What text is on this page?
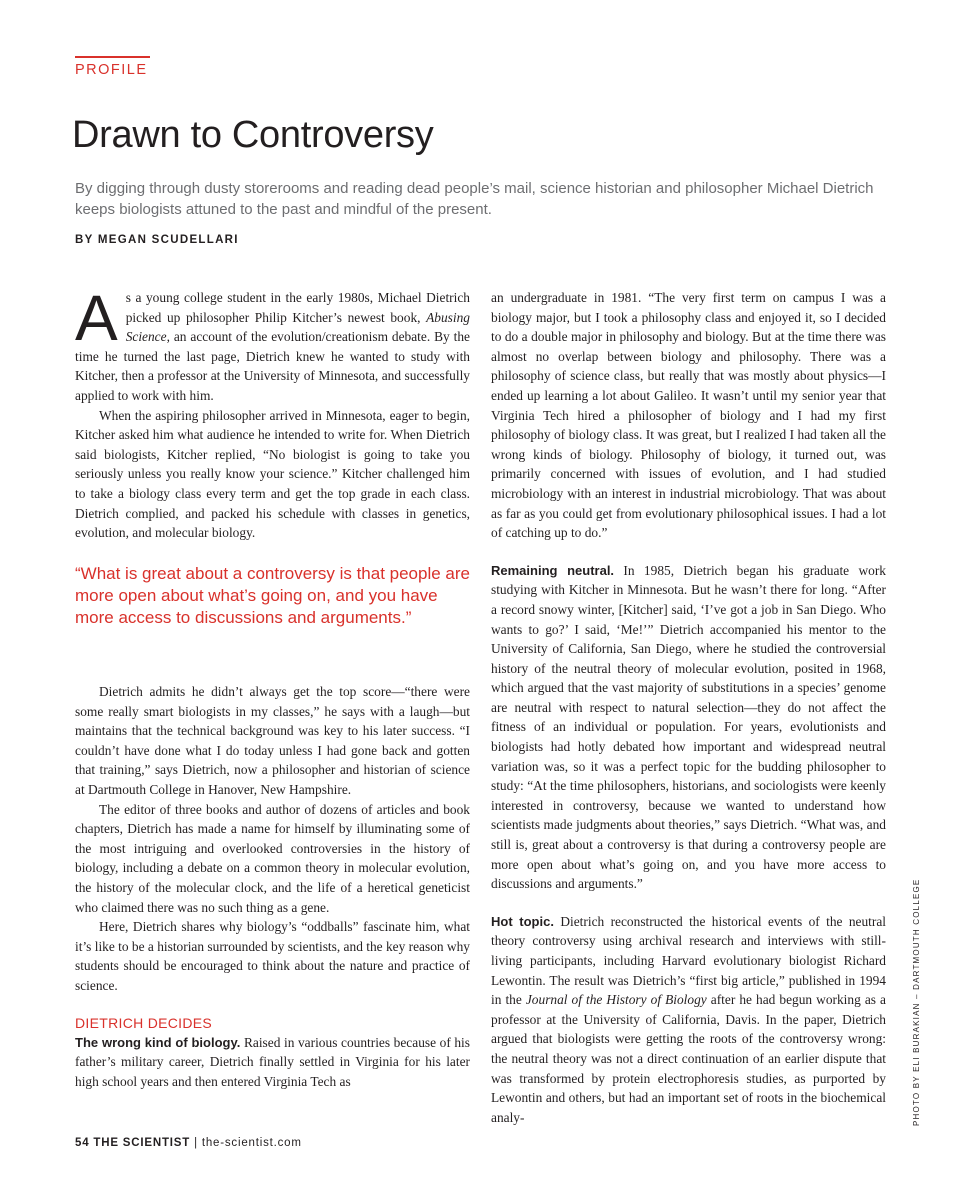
PROFILE
Drawn to Controversy
By digging through dusty storerooms and reading dead people’s mail, science historian and philosopher Michael Dietrich keeps biologists attuned to the past and mindful of the present.
BY MEGAN SCUDELLARI

As a young college student in the early 1980s, Michael Dietrich picked up philosopher Philip Kitcher’s newest book, Abusing Science, an account of the evolution/creationism debate. By the time he turned the last page, Dietrich knew he wanted to study with Kitcher, then a professor at the University of Minnesota, and successfully applied to work with him.

When the aspiring philosopher arrived in Minnesota, eager to begin, Kitcher asked him what audience he intended to write for. When Dietrich said biologists, Kitcher replied, “No biologist is going to take you seriously unless you really know your science.” Kitcher challenged him to take a biology class every term and get the top grade in each class. Dietrich complied, and packed his schedule with classes in genetics, evolution, and molecular biology.

“What is great about a controversy is that people are more open about what’s going on, and you have more access to discussions and arguments.”

Dietrich admits he didn’t always get the top score—“there were some really smart biologists in my classes,” he says with a laugh—but maintains that the technical background was key to his later success. “I couldn’t have done what I do today unless I had gone back and gotten that training,” says Dietrich, now a philosopher and historian of science at Dartmouth College in Hanover, New Hampshire.

The editor of three books and author of dozens of articles and book chapters, Dietrich has made a name for himself by illuminating some of the most intriguing and overlooked controversies in the history of biology, including a debate on a common theory in molecular evolution, the history of the molecular clock, and the life of a heretical geneticist who claimed there was no such thing as a gene.

Here, Dietrich shares why biology’s “oddballs” fascinate him, what it’s like to be a historian surrounded by scientists, and the key reason why students should be encouraged to think about the nature and practice of science.

DIETRICH DECIDES

The wrong kind of biology. Raised in various countries because of his father’s military career, Dietrich finally settled in Virginia for his later high school years and then entered Virginia Tech as

an undergraduate in 1981. “The very first term on campus I was a biology major, but I took a philosophy class and enjoyed it, so I decided to do a double major in philosophy and biology. But at the time there was almost no overlap between biology and philosophy. There was a philosophy of science class, but really that was mostly about physics—I ended up learning a lot about Galileo. It wasn’t until my senior year that Virginia Tech hired a philosopher of biology and I had my first philosophy of biology class. It was great, but I realized I had taken all the wrong kinds of biology. Philosophy of biology, it turned out, was primarily concerned with issues of evolution, and I had studied microbiology with an interest in industrial microbiology. That was about as far as you could get from evolutionary philosophical issues. I had a lot of catching up to do.”

Remaining neutral. In 1985, Dietrich began his graduate work studying with Kitcher in Minnesota. But he wasn’t there for long. “After a record snowy winter, [Kitcher] said, ‘I’ve got a job in San Diego. Who wants to go?’ I said, ‘Me!’” Dietrich accompanied his mentor to the University of California, San Diego, where he studied the controversial history of the neutral theory of molecular evolution, posited in 1968, which argued that the vast majority of substitutions in a species’ genome are neutral with respect to natural selection—they do not affect the fitness of an individual or population. For years, evolutionists and biologists had hotly debated how important and widespread neutral variation was, so it was a perfect topic for the budding philosopher to study: “At the time philosophers, historians, and sociologists were keenly interested in controversy, because we wanted to understand how scientists made judgments about theories,” says Dietrich. “What was, and still is, great about a controversy is that during a controversy people are more open about what’s going on, and you have more access to discussions and arguments.”

Hot topic. Dietrich reconstructed the historical events of the neutral theory controversy using archival research and interviews with still-living participants, including Harvard evolutionary biologist Richard Lewontin. The result was Dietrich’s “first big article,” published in 1994 in the Journal of the History of Biology after he had begun working as a professor at the University of California, Davis. In the paper, Dietrich argued that biologists were getting the roots of the controversy wrong: the neutral theory was not a direct continuation of an earlier dispute that was transformed by protein electrophoresis studies, as purported by Lewontin and others, but had an important set of roots in the biochemical analy-

54 THE SCIENTIST | the-scientist.com
PHOTO BY ELI BURAKIAN – DARTMOUTH COLLEGE
